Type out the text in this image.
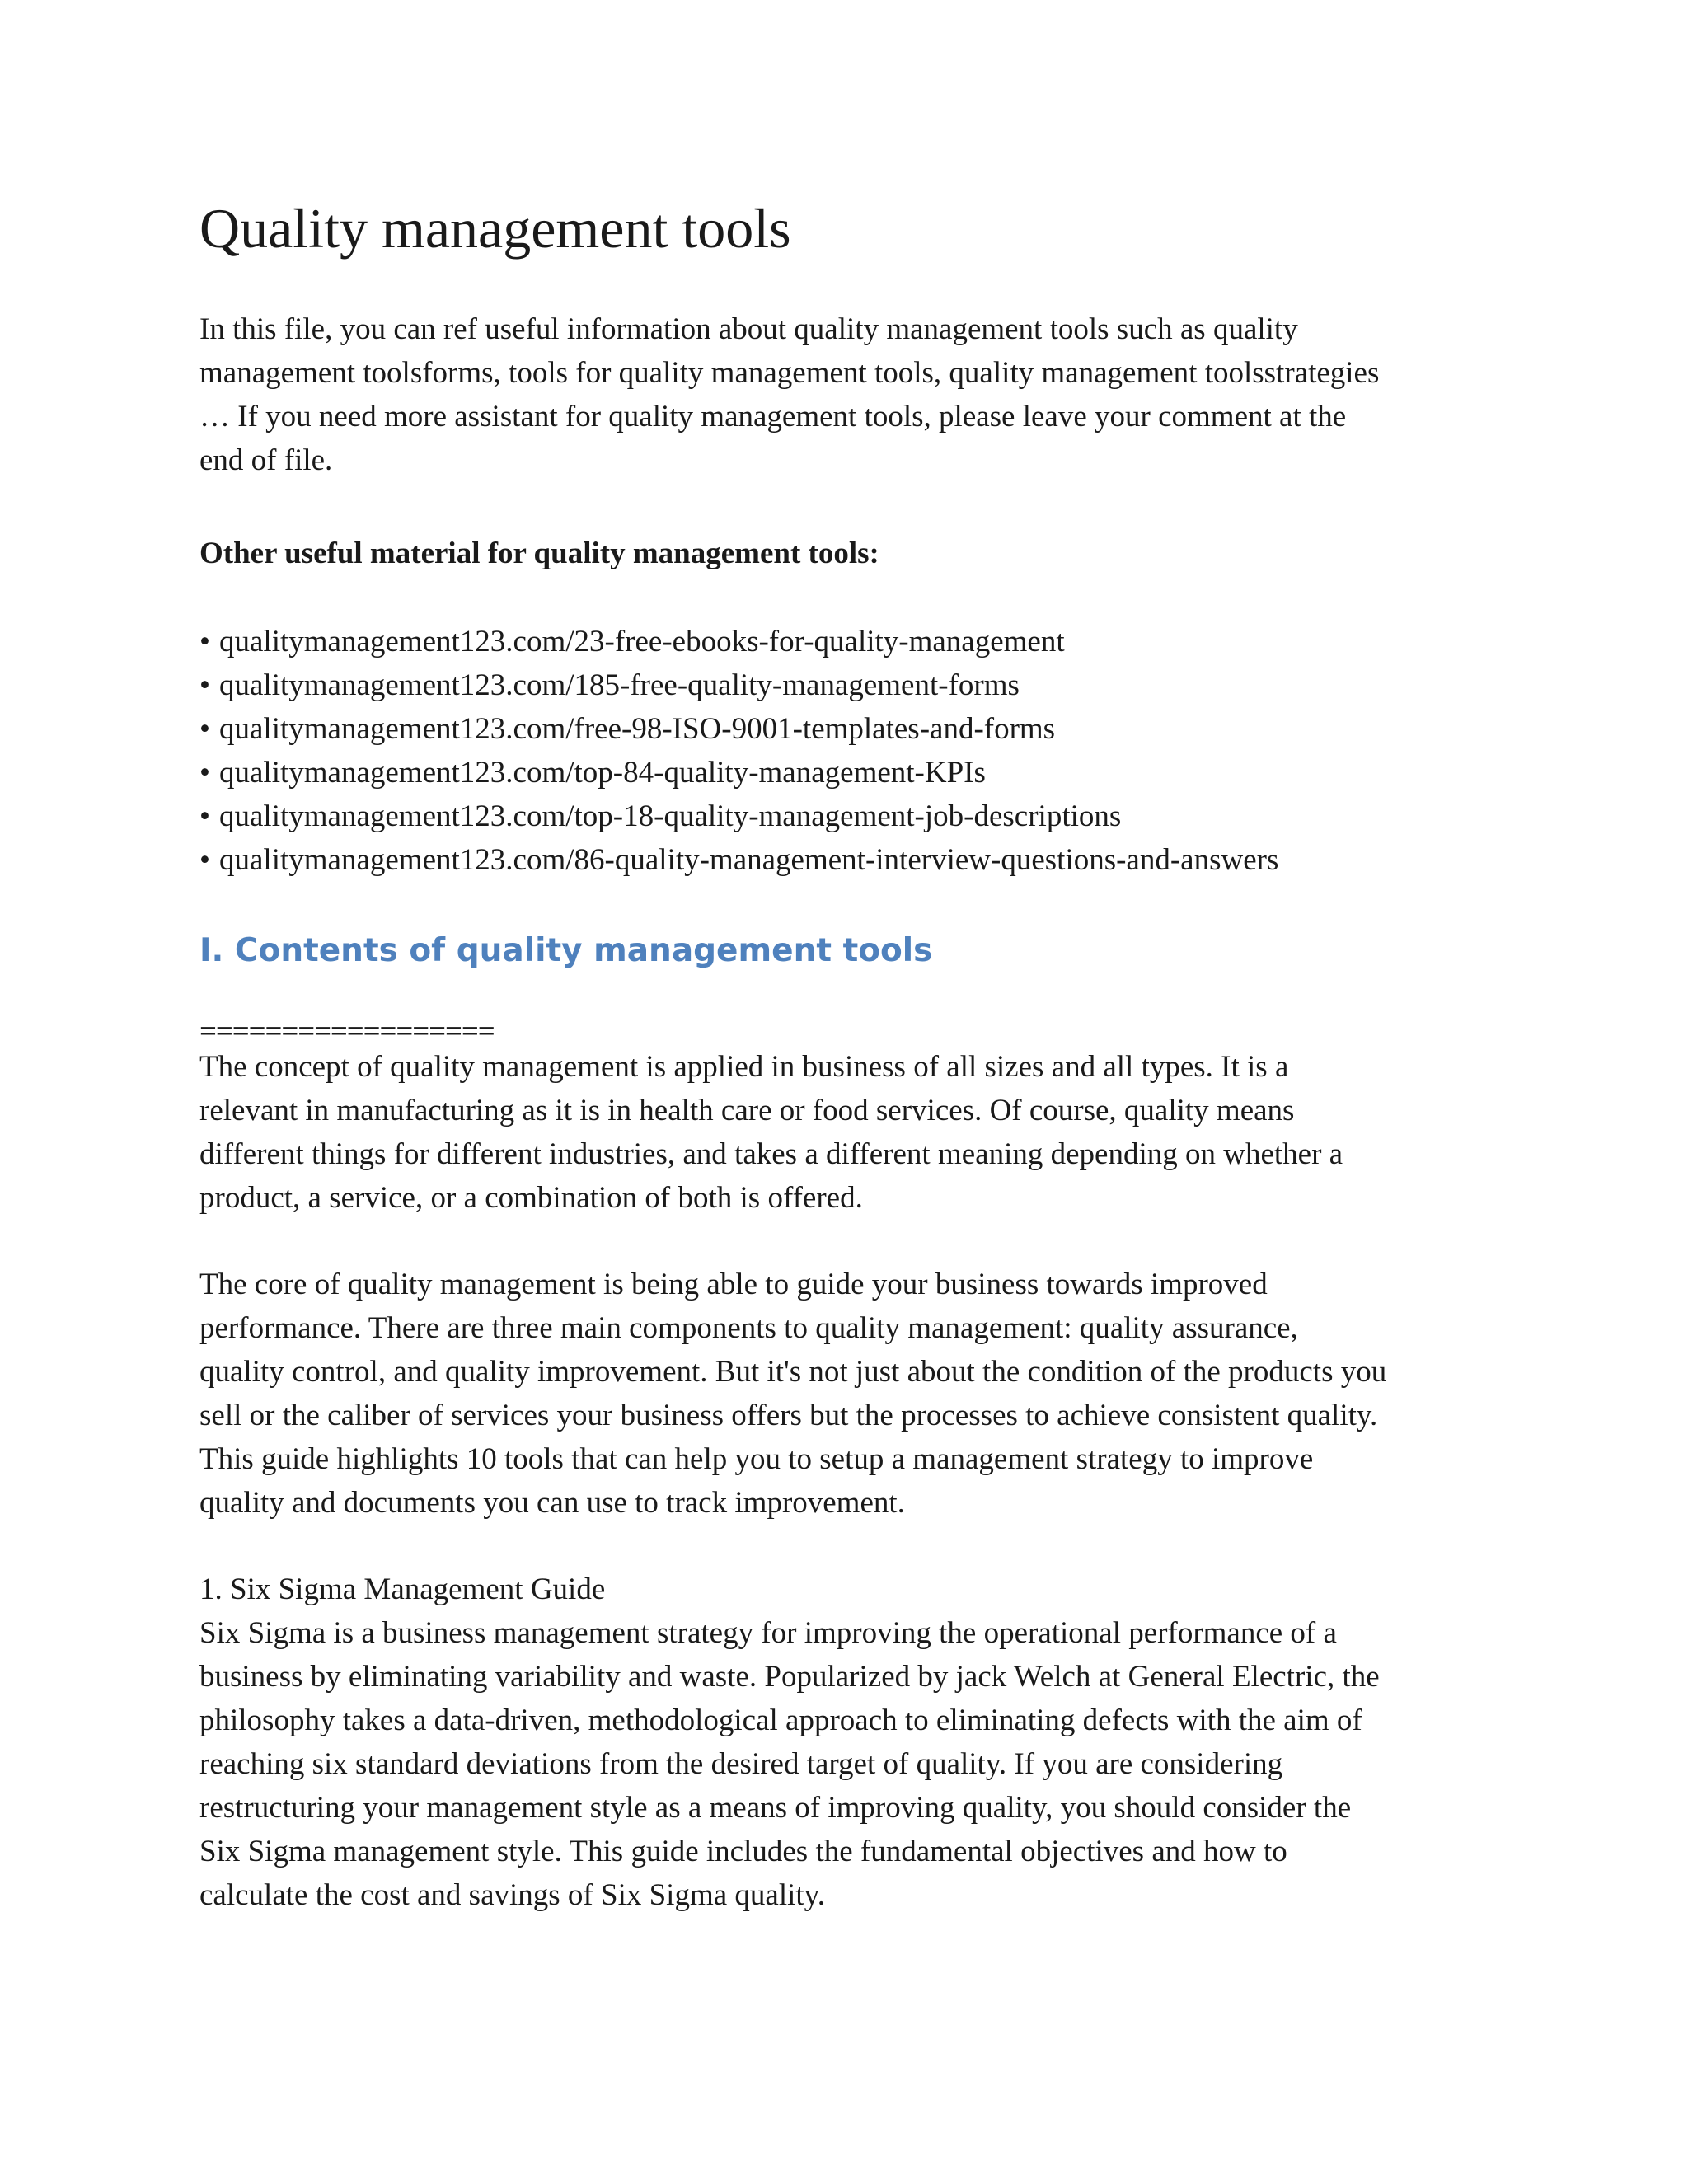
Quality management tools

In this file, you can ref useful information about quality management tools such as quality
management toolsforms, tools for quality management tools, quality management toolsstrategies
… If you need more assistant for quality management tools, please leave your comment at the
end of file.

Other useful material for quality management tools:

• qualitymanagement123.com/23-free-ebooks-for-quality-management
• qualitymanagement123.com/185-free-quality-management-forms
• qualitymanagement123.com/free-98-ISO-9001-templates-and-forms
• qualitymanagement123.com/top-84-quality-management-KPIs
• qualitymanagement123.com/top-18-quality-management-job-descriptions
• qualitymanagement123.com/86-quality-management-interview-questions-and-answers
I. Contents of quality management tools

==================

The concept of quality management is applied in business of all sizes and all types. It is a
relevant in manufacturing as it is in health care or food services. Of course, quality means
different things for different industries, and takes a different meaning depending on whether a
product, a service, or a combination of both is offered.

The core of quality management is being able to guide your business towards improved
performance. There are three main components to quality management: quality assurance,
quality control, and quality improvement. But it's not just about the condition of the products you
sell or the caliber of services your business offers but the processes to achieve consistent quality.
This guide highlights 10 tools that can help you to setup a management strategy to improve
quality and documents you can use to track improvement.

1. Six Sigma Management Guide
Six Sigma is a business management strategy for improving the operational performance of a
business by eliminating variability and waste. Popularized by jack Welch at General Electric, the
philosophy takes a data-driven, methodological approach to eliminating defects with the aim of
reaching six standard deviations from the desired target of quality. If you are considering
restructuring your management style as a means of improving quality, you should consider the
Six Sigma management style. This guide includes the fundamental objectives and how to
calculate the cost and savings of Six Sigma quality.
